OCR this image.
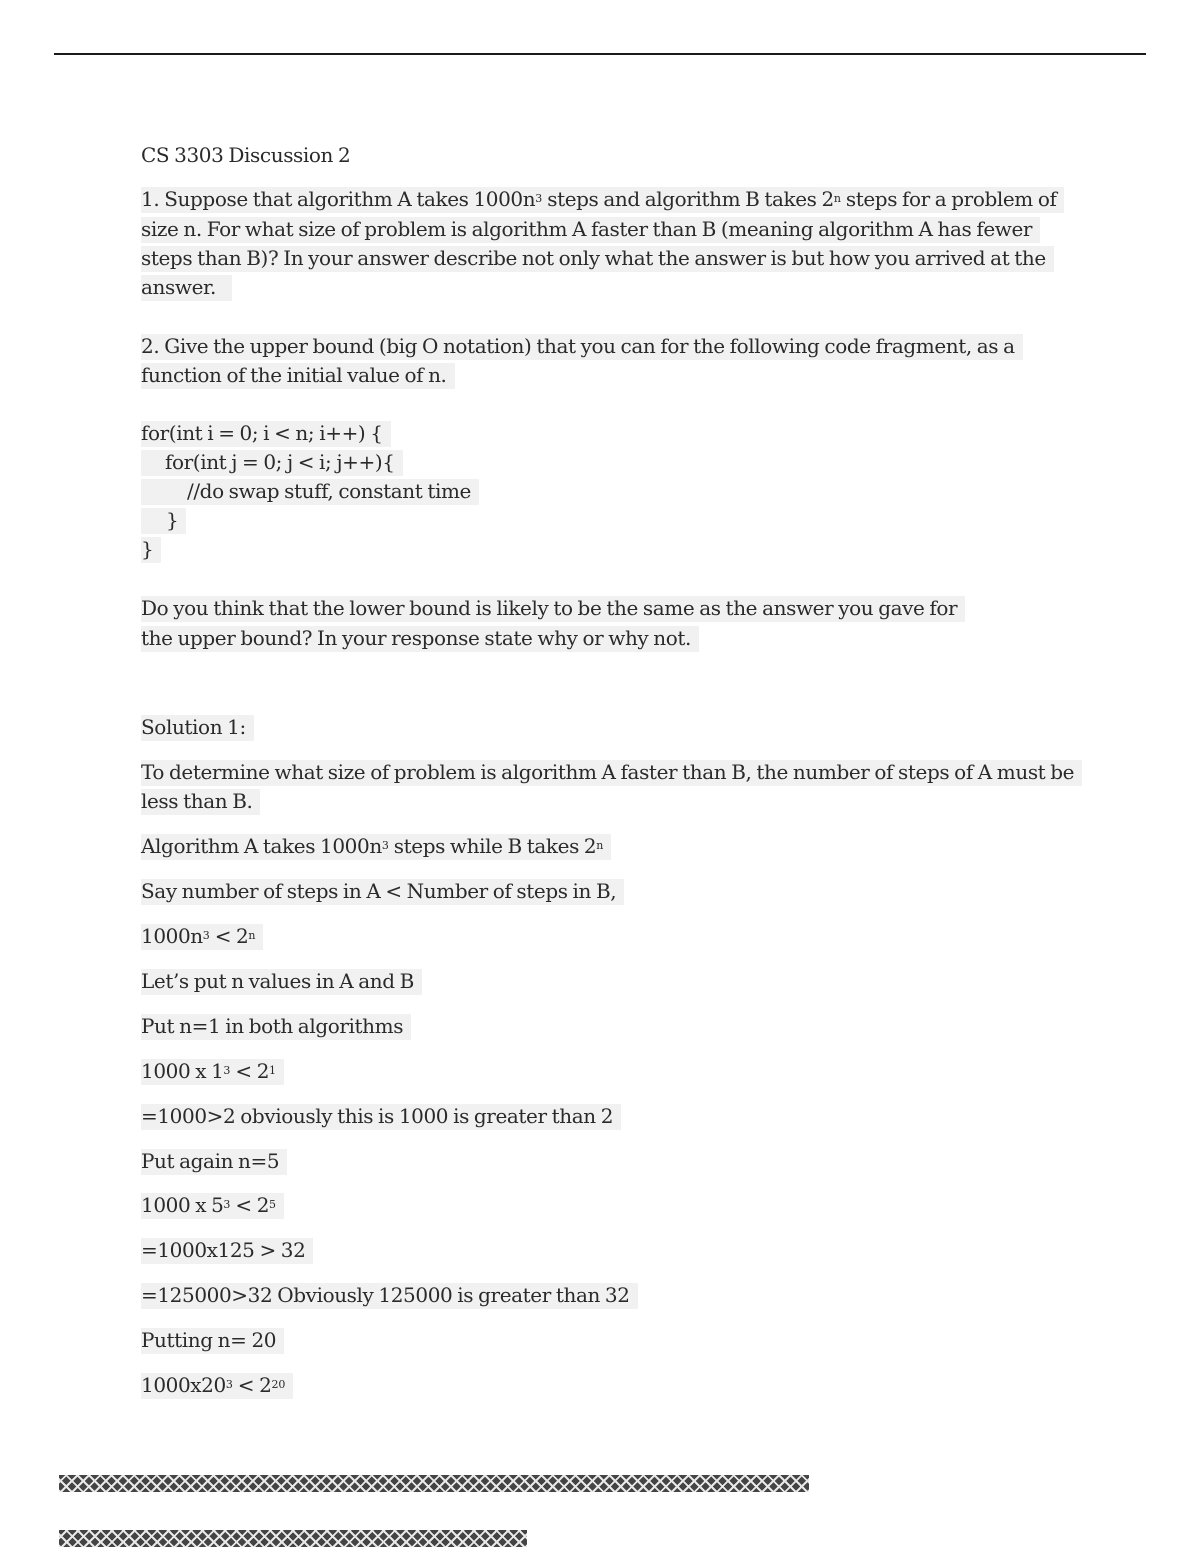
CS 3303 Discussion 2
1. Suppose that algorithm A takes $1000n^3$ steps and algorithm B takes 2$^n$ steps for a problem of
size n. For what size of problem is algorithm A faster than B (meaning algorithm A has fewer
steps than B)? In your answer describe not only what the answer is but how you arrived at the
answer.
2. Give the upper bound (big O notation) that you can for the following code fragment, as a
function of the initial value of n.
for(int i = 0; i < n; i++) {
for(int j = 0; j < i; j++){
//do swap stuff, constant time
}
}
Do you think that the lower bound is likely to be the same as the answer you gave for
the upper bound? In your response state why or why not.
Solution 1:
To determine what size of problem is algorithm A faster than B, the number of steps of A must be
less than B.
Algorithm A takes $1000n^3$ steps while B takes 2$^n$
Say number of steps in A < Number of steps in B,
$1000n^3 < 2^n$
Let’s put n values in A and B
Put n=1 in both algorithms
1000 x $1^3 < 2^1$
=1000>2 obviously this is 1000 is greater than 2
Put again n=5
1000 x $5^3 < 2^5$
=1000x125 > 32
=125000>32 Obviously 125000 is greater than 32
Putting n= 20
$1000x20^3 < 2^{20}$
